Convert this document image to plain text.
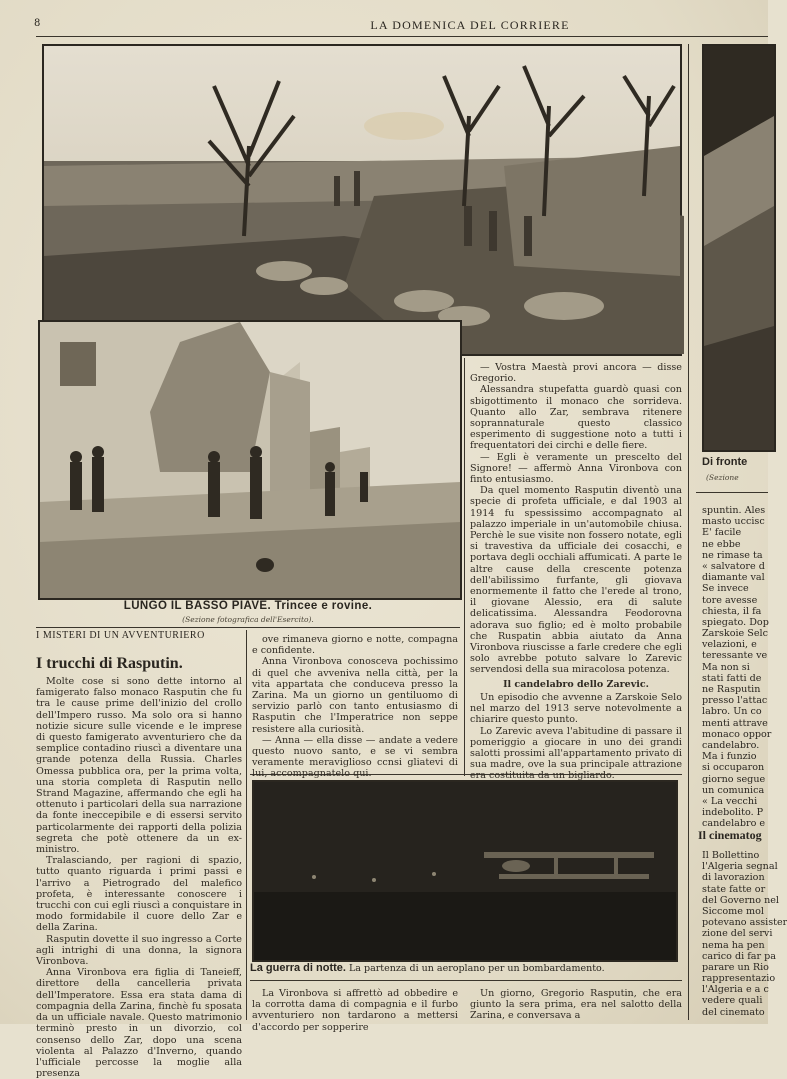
8	LA DOMENICA DEL CORRIERE
LUNGO IL BASSO PIAVE. Trincee e rovine.
(Sezione fotografica dell'Esercito).
I MISTERI DI UN AVVENTURIERO
I trucchi di Rasputin.

Molte cose si sono dette intorno al famigerato falso monaco Rasputin che fu tra le cause prime dell'inizio del crollo dell'Impero russo. Ma solo ora si hanno notizie sicure sulle vicende e le imprese di questo famigerato avventuriero che da semplice contadino riuscì a diventare una grande potenza della Russia. Charles Omessa pubblica ora, per la prima volta, una storia completa di Rasputin nello Strand Magazine, affermando che egli ha ottenuto i particolari della sua narrazione da fonte ineccepibile e di essersi servito particolarmente dei rapporti della polizia segreta che potè ottenere da un ex-ministro.

Tralasciando, per ragioni di spazio, tutto quanto riguarda i primi passi e l'arrivo a Pietrogrado del malefico profeta, è interessante conoscere i trucchi con cui egli riuscì a conquistare in modo formidabile il cuore dello Zar e della Zarina.

Rasputin dovette il suo ingresso a Corte agli intrighi di una donna, la signora Vironbova.

Anna Vironbova era figlia di Taneieff, direttore della cancelleria privata dell'Imperatore. Essa era stata dama di compagnia della Zarina, finchè fu sposata da un ufficiale navale. Questo matrimonio terminò presto in un divorzio, col consenso dello Zar, dopo una scena violenta al Palazzo d'Inverno, quando l'ufficiale percosse la moglie alla presenza

ove rimaneva giorno e notte, compagna e confidente.

Anna Vironbova conosceva pochissimo di quel che avveniva nella città, per la vita appartata che conduceva presso la Zarina. Ma un giorno un gentiluomo di servizio parlò con tanto entusiasmo di Rasputin che l'Imperatrice non seppe resistere alla curiosità.

— Anna — ella disse — andate a vedere questo nuovo santo, e se vi sembra veramente meraviglioso ccnsi gliatevi di lui, accompagnatelo qui.

— Vostra Maestà provi ancora — disse Gregorio.

Alessandra stupefatta guardò quasi con sbigottimento il monaco che sorrideva. Quanto allo Zar, sembrava ritenere soprannaturale questo classico esperimento di suggestione noto a tutti i frequentatori dei circhi e delle fiere.

— Egli è veramente un prescelto del Signore! — affermò Anna Vironbova con finto entusiasmo.

Da quel momento Rasputin diventò una specie di profeta ufficiale, e dal 1903 al 1914 fu spessissimo accompagnato al palazzo imperiale in un'automobile chiusa. Perchè le sue visite non fossero notate, egli si travestiva da ufficiale dei cosacchi, e portava degli occhiali affumicati. A parte le altre cause della crescente potenza dell'abilissimo furfante, gli giovava enormemente il fatto che l'erede al trono, il giovane Alessio, era di salute delicatissima. Alessandra Feodorovna adorava suo figlio; ed è molto probabile che Ruspatin abbia aiutato da Anna Vironbova riuscisse a farle credere che egli solo avrebbe potuto salvare lo Zarevic servendosi della sua miracolosa potenza.

Il candelabro dello Zarevic.

Un episodio che avvenne a Zarskoie Selo nel marzo del 1913 serve notevolmente a chiarire questo punto.

Lo Zarevic aveva l'abitudine di passare il pomeriggio a giocare in uno dei grandi salotti prossimi all'appartamento privato di sua madre, ove la sua principale attrazione era costituita da un bigliardo.

La guerra di notte. La partenza di un aeroplano per un bombardamento.

La Vironbova si affrettò ad obbedire e la corrotta dama di compagnia e il furbo avventuriero non tardarono a mettersi d'accordo per sopperire

Un giorno, Gregorio Rasputin, che era giunto la sera prima, era nel salotto della Zarina, e conversava a

Di fronte
(Sezione
spuntin. Ales
masto uccisc
E' facile
ne ebbe
ne rimase ta
« salvatore d
diamante val
Se invece
tore avesse
chiesta, il fa
spiegato. Dop
Zarskoie Selc
velazioni, e
teressante ve
Ma non si
stati fatti de
ne Rasputin
presso l'attac
labro. Un co
menti attrave
monaco oppor
candelabro.
Ma i funzio
si occuparon
giorno segue
un comunica
« La vecchi
indebolito. P
candelabro e
Il cinematog
Il Bollettino
l'Algeria segnal
di lavorazion
state fatte or
del Governo nel
Siccome mol
potevano assister
zione del servi
nema ha pen
carico di far pa
parare un Rio
rappresentazio
l'Algeria e a c
vedere quali
del cinemato
